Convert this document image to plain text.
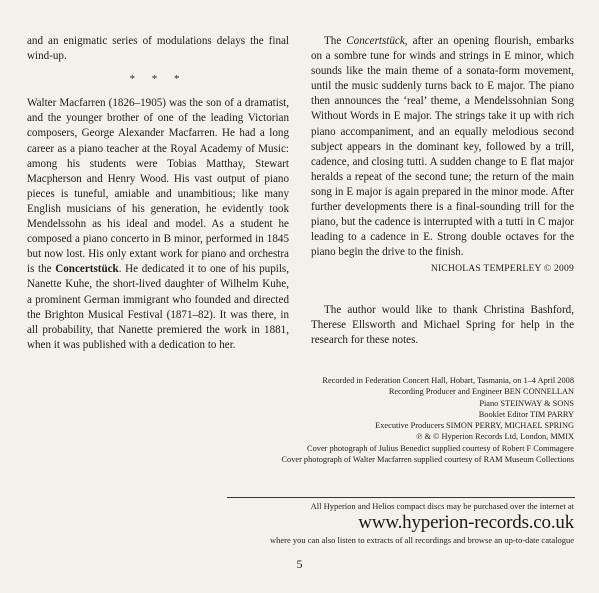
and an enigmatic series of modulations delays the final wind-up.

* * *

Walter Macfarren (1826–1905) was the son of a dramatist, and the younger brother of one of the leading Victorian composers, George Alexander Macfarren. He had a long career as a piano teacher at the Royal Academy of Music: among his students were Tobias Matthay, Stewart Macpherson and Henry Wood. His vast output of piano pieces is tuneful, amiable and unambitious; like many English musicians of his generation, he evidently took Mendelssohn as his ideal and model. As a student he composed a piano concerto in B minor, performed in 1845 but now lost. His only extant work for piano and orchestra is the Concertstück. He dedicated it to one of his pupils, Nanette Kuhe, the short-lived daughter of Wilhelm Kuhe, a prominent German immigrant who founded and directed the Brighton Musical Festival (1871–82). It was there, in all probability, that Nanette premiered the work in 1881, when it was published with a dedication to her.

The Concertstück, after an opening flourish, embarks on a sombre tune for winds and strings in E minor, which sounds like the main theme of a sonata-form movement, until the music suddenly turns back to E major. The piano then announces the ‘real’ theme, a Mendelssohnian Song Without Words in E major. The strings take it up with rich piano accompaniment, and an equally melodious second subject appears in the dominant key, followed by a trill, cadence, and closing tutti. A sudden change to E flat major heralds a repeat of the second tune; the return of the main song in E major is again prepared in the minor mode. After further developments there is a final-sounding trill for the piano, but the cadence is interrupted with a tutti in C major leading to a cadence in E. Strong double octaves for the piano begin the drive to the finish.

NICHOLAS TEMPERLEY © 2009

The author would like to thank Christina Bashford, Therese Ellsworth and Michael Spring for help in the research for these notes.

Recorded in Federation Concert Hall, Hobart, Tasmania, on 1–4 April 2008
Recording Producer and Engineer BEN CONNELLAN
Piano STEINWAY & SONS
Booklet Editor TIM PARRY
Executive Producers SIMON PERRY, MICHAEL SPRING
℗ & © Hyperion Records Ltd, London, MMIX
Cover photograph of Julius Benedict supplied courtesy of Robert F Commagere
Cover photograph of Walter Macfarren supplied courtesy of RAM Museum Collections
All Hyperion and Helios compact discs may be purchased over the internet at
www.hyperion-records.co.uk
where you can also listen to extracts of all recordings and browse an up-to-date catalogue
5
